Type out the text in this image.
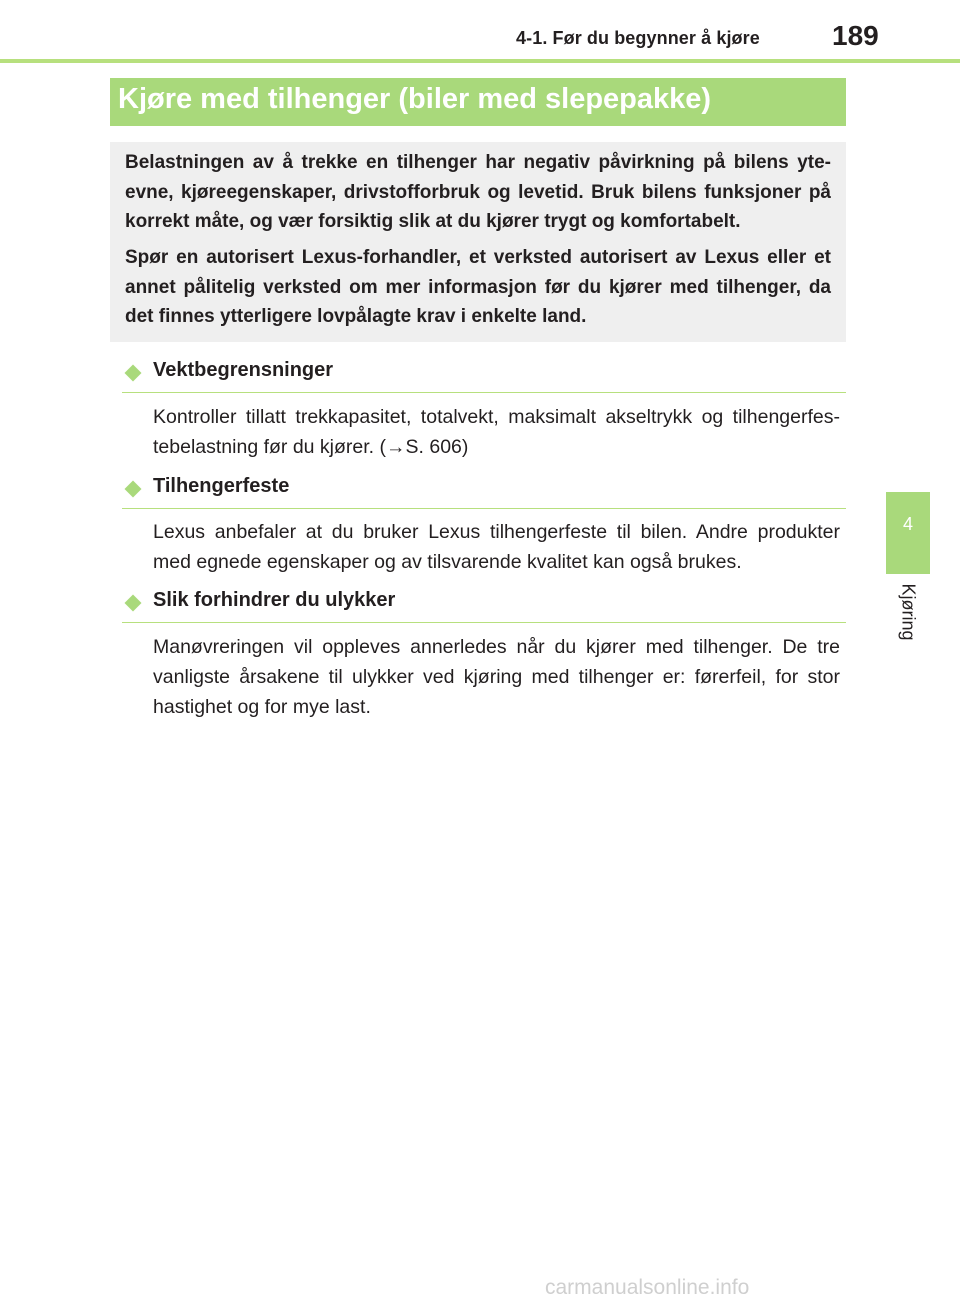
4-1. Før du begynner å kjøre	189
Kjøre med tilhenger (biler med slepepakke)

Belastningen av å trekke en tilhenger har negativ påvirkning på bilens yte-evne, kjøreegenskaper, drivstofforbruk og levetid. Bruk bilens funksjoner på korrekt måte, og vær forsiktig slik at du kjører trygt og komfortabelt.

Spør en autorisert Lexus-forhandler, et verksted autorisert av Lexus eller et annet pålitelig verksted om mer informasjon før du kjører med tilhenger, da det finnes ytterligere lovpålagte krav i enkelte land.

Vektbegrensninger

Kontroller tillatt trekkapasitet, totalvekt, maksimalt akseltrykk og tilhengerfes-tebelastning før du kjører. (→S. 606)

Tilhengerfeste

Lexus anbefaler at du bruker Lexus tilhengerfeste til bilen. Andre produkter med egnede egenskaper og av tilsvarende kvalitet kan også brukes.

Slik forhindrer du ulykker

Manøvreringen vil oppleves annerledes når du kjører med tilhenger. De tre vanligste årsakene til ulykker ved kjøring med tilhenger er: førerfeil, for stor hastighet og for mye last.

4
Kjøring
carmanualsonline.info
